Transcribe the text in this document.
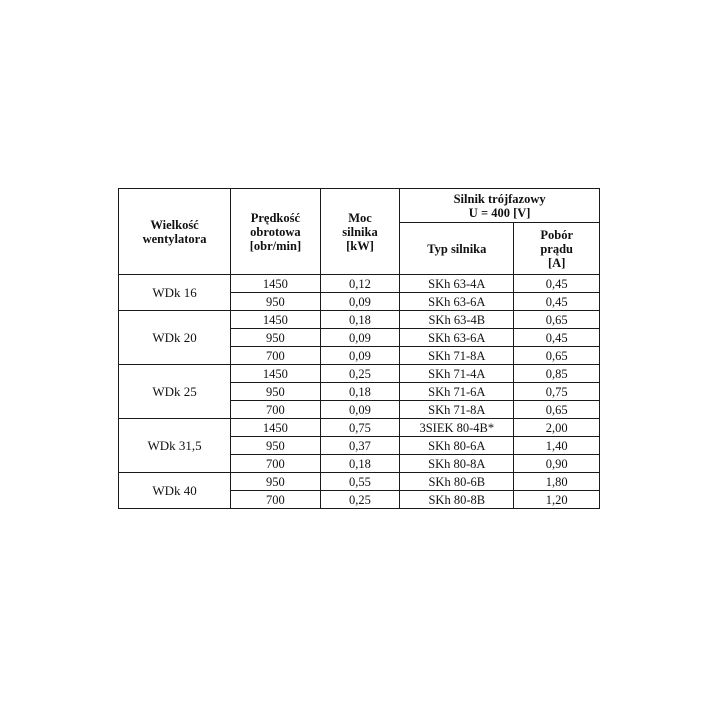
Wielkość
wentylatora	Prędkość
obrotowa
[obr/min]	Moc
silnika
[kW]	Silnik trójfazowy
U = 400 [V]	

			Typ silnika	Pobór
prądu
[A]

WDk 16	1450	0,12	SKh 63-4A	0,45
	950	0,09	SKh 63-6A	0,45
WDk 20	1450	0,18	SKh 63-4B	0,65
	950	0,09	SKh 63-6A	0,45
	700	0,09	SKh 71-8A	0,65
WDk 25	1450	0,25	SKh 71-4A	0,85
	950	0,18	SKh 71-6A	0,75
	700	0,09	SKh 71-8A	0,65
WDk 31,5	1450	0,75	3SIEK 80-4B*	2,00
	950	0,37	SKh 80-6A	1,40
	700	0,18	SKh 80-8A	0,90
WDk 40	950	0,55	SKh 80-6B	1,80
	700	0,25	SKh 80-8B	1,20
